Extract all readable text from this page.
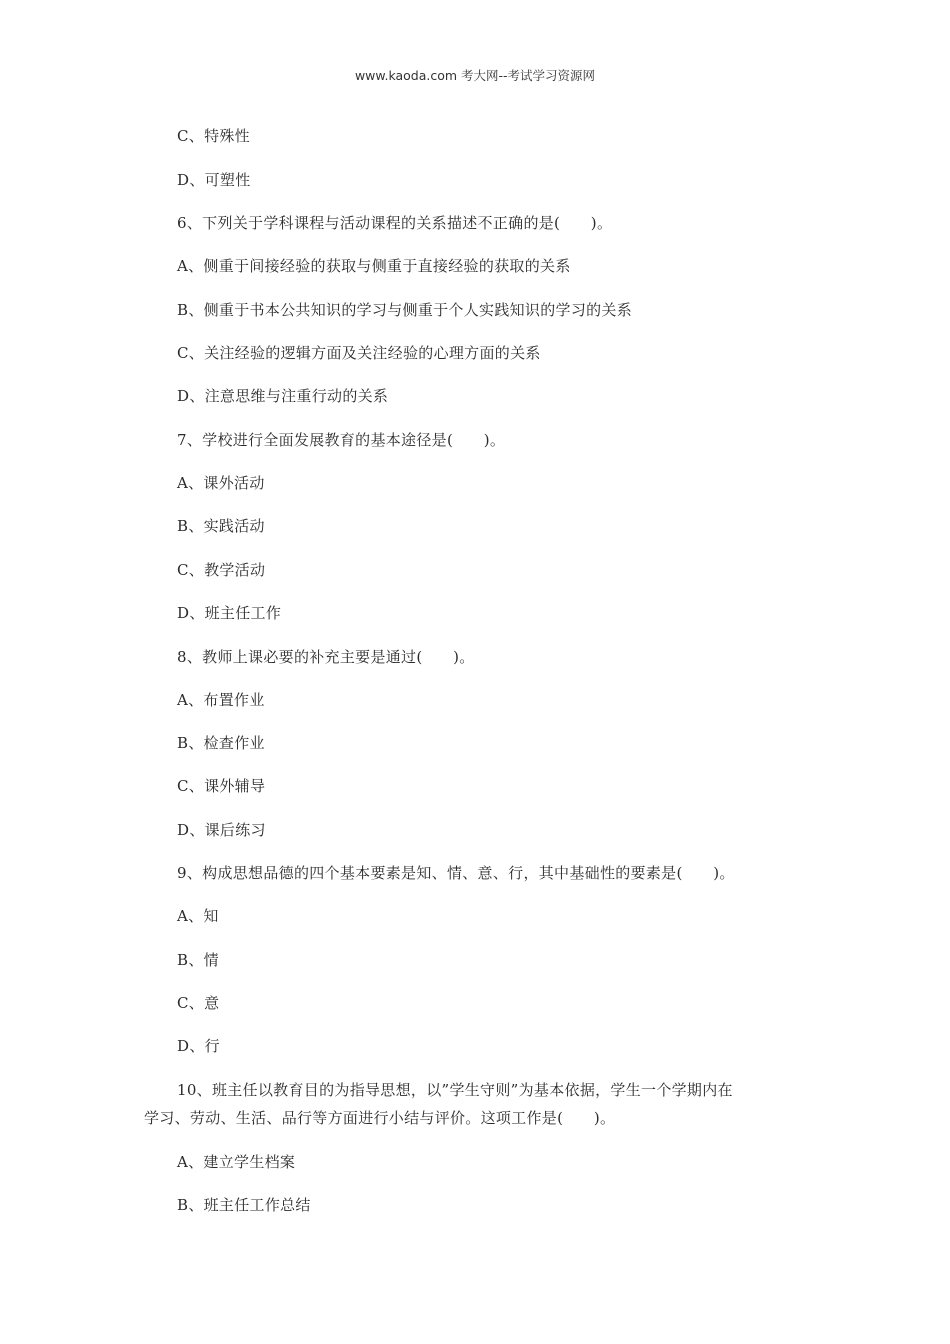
www.kaoda.com 考大网--考试学习资源网
C、特殊性
D、可塑性
6、下列关于学科课程与活动课程的关系描述不正确的是(　　)。
A、侧重于间接经验的获取与侧重于直接经验的获取的关系
B、侧重于书本公共知识的学习与侧重于个人实践知识的学习的关系
C、关注经验的逻辑方面及关注经验的心理方面的关系
D、注意思维与注重行动的关系
7、学校进行全面发展教育的基本途径是(　　)。
A、课外活动
B、实践活动
C、教学活动
D、班主任工作
8、教师上课必要的补充主要是通过(　　)。
A、布置作业
B、检查作业
C、课外辅导
D、课后练习
9、构成思想品德的四个基本要素是知、情、意、行，其中基础性的要素是(　　)。
A、知
B、情
C、意
D、行
10、班主任以教育目的为指导思想，以”学生守则”为基本依据，学生一个学期内在
学习、劳动、生活、品行等方面进行小结与评价。这项工作是(　　)。
A、建立学生档案
B、班主任工作总结
